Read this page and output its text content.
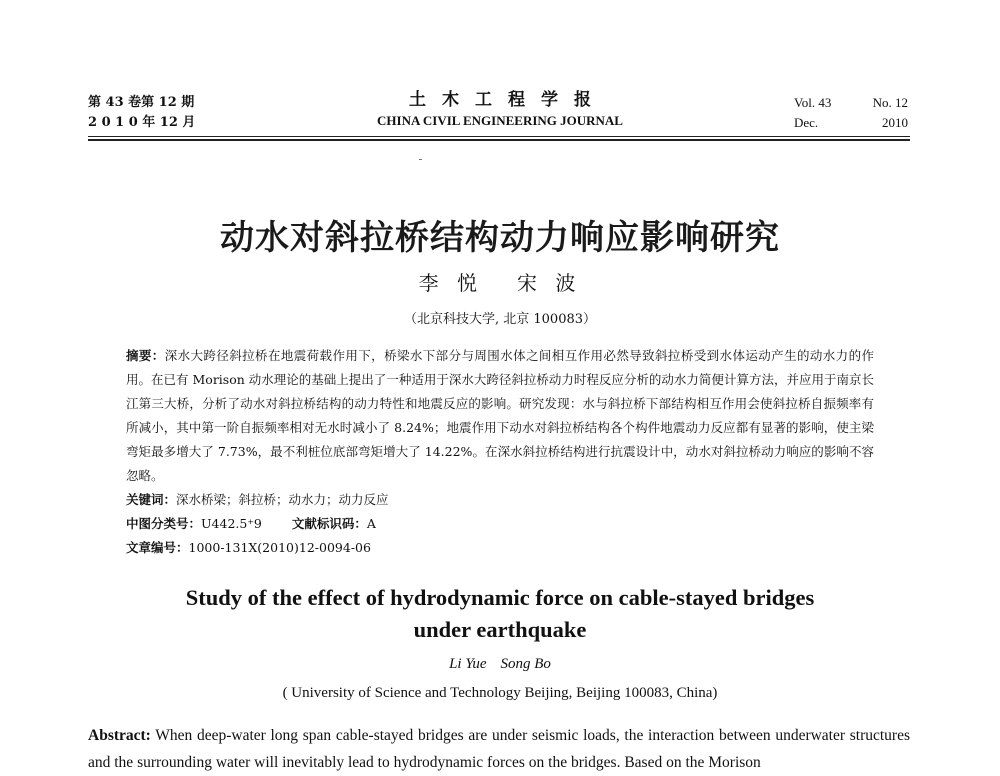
第 43 卷第 12 期
2 0 1 0 年 12 月
土木工程学报
CHINA CIVIL ENGINEERING JOURNAL
Vol. 43	No. 12
Dec.	2010
动水对斜拉桥结构动力响应影响研究
李 悦 宋 波
（北京科技大学, 北京 100083）

摘要：深水大跨径斜拉桥在地震荷载作用下，桥梁水下部分与周围水体之间相互作用必然导致斜拉桥受到水体运动产生的动水力的作用。在已有 Morison 动水理论的基础上提出了一种适用于深水大跨径斜拉桥动力时程反应分析的动水力简便计算方法，并应用于南京长江第三大桥，分析了动水对斜拉桥结构的动力特性和地震反应的影响。研究发现：水与斜拉桥下部结构相互作用会使斜拉桥自振频率有所减小，其中第一阶自振频率相对无水时减小了 8.24%；地震作用下动水对斜拉桥结构各个构件地震动力反应都有显著的影响，使主梁弯矩最多增大了 7.73%，最不利桩位底部弯矩增大了 14.22%。在深水斜拉桥结构进行抗震设计中，动水对斜拉桥动力响应的影响不容忽略。

关键词：深水桥梁；斜拉桥；动水力；动力反应

中图分类号：U442.5⁺9 文献标识码：A

文章编号：1000-131X(2010)12-0094-06

Study of the effect of hydrodynamic force on cable-stayed bridges
under earthquake
Li Yue Song Bo
( University of Science and Technology Beijing, Beijing 100083, China)
Abstract: When deep-water long span cable-stayed bridges are under seismic loads, the interaction between underwater structures and the surrounding water will inevitably lead to hydrodynamic forces on the bridges. Based on the Morison
